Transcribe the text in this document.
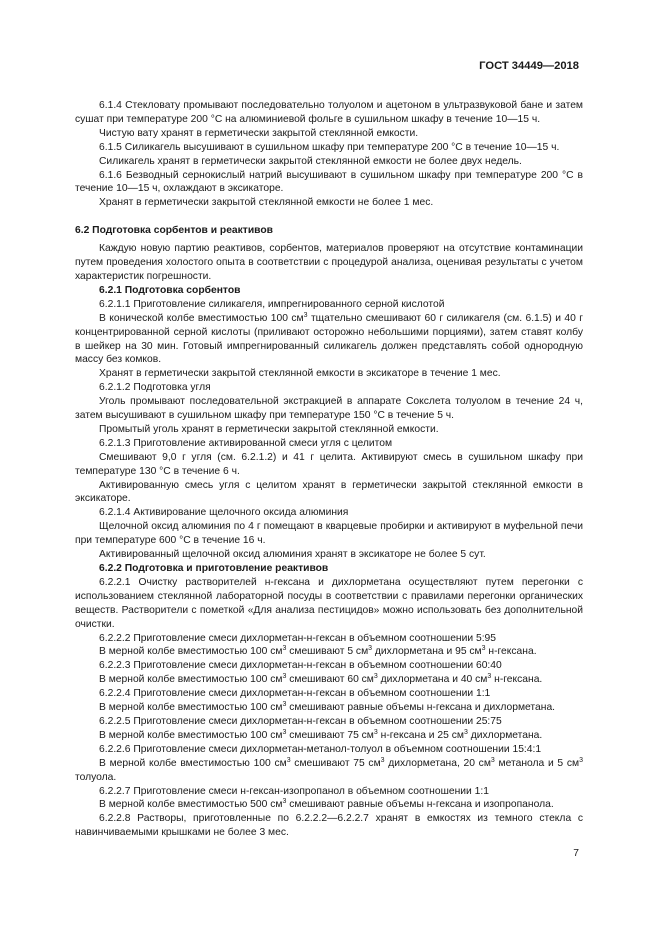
ГОСТ 34449—2018

6.1.4 Стекловату промывают последовательно толуолом и ацетоном в ультразвуковой бане и затем сушат при температуре 200 °С на алюминиевой фольге в сушильном шкафу в течение 10—15 ч.

Чистую вату хранят в герметически закрытой стеклянной емкости.

6.1.5 Силикагель высушивают в сушильном шкафу при температуре 200 °С в течение 10—15 ч.

Силикагель хранят в герметически закрытой стеклянной емкости не более двух недель.

6.1.6 Безводный сернокислый натрий высушивают в сушильном шкафу при температуре 200 °С в течение 10—15 ч, охлаждают в эксикаторе.

Хранят в герметически закрытой стеклянной емкости не более 1 мес.

6.2 Подготовка сорбентов и реактивов

Каждую новую партию реактивов, сорбентов, материалов проверяют на отсутствие контаминации путем проведения холостого опыта в соответствии с процедурой анализа, оценивая результаты с учетом характеристик погрешности.

6.2.1 Подготовка сорбентов

6.2.1.1 Приготовление силикагеля, импрегнированного серной кислотой

В конической колбе вместимостью 100 $см^3$ тщательно смешивают 60 г силикагеля (см. 6.1.5) и 40 г концентрированной серной кислоты (приливают осторожно небольшими порциями), затем ставят колбу в шейкер на 30 мин. Готовый импрегнированный силикагель должен представлять собой однородную массу без комков.

Хранят в герметически закрытой стеклянной емкости в эксикаторе в течение 1 мес.

6.2.1.2 Подготовка угля

Уголь промывают последовательной экстракцией в аппарате Сокслета толуолом в течение 24 ч, затем высушивают в сушильном шкафу при температуре 150 °С в течение 5 ч.

Промытый уголь хранят в герметически закрытой стеклянной емкости.

6.2.1.3 Приготовление активированной смеси угля с целитом

Смешивают 9,0 г угля (см. 6.2.1.2) и 41 г целита. Активируют смесь в сушильном шкафу при температуре 130 °С в течение 6 ч.

Активированную смесь угля с целитом хранят в герметически закрытой стеклянной емкости в эксикаторе.

6.2.1.4 Активирование щелочного оксида алюминия

Щелочной оксид алюминия по 4 г помещают в кварцевые пробирки и активируют в муфельной печи при температуре 600 °С в течение 16 ч.

Активированный щелочной оксид алюминия хранят в эксикаторе не более 5 сут.

6.2.2 Подготовка и приготовление реактивов

6.2.2.1 Очистку растворителей н-гексана и дихлорметана осуществляют путем перегонки с использованием стеклянной лабораторной посуды в соответствии с правилами перегонки органических веществ. Растворители с пометкой «Для анализа пестицидов» можно использовать без дополнительной очистки.

6.2.2.2 Приготовление смеси дихлорметан-н-гексан в объемном соотношении 5:95

В мерной колбе вместимостью 100 $см^3$ смешивают 5 $см^3$ дихлорметана и 95 $см^3$ н-гексана.

6.2.2.3 Приготовление смеси дихлорметан-н-гексан в объемном соотношении 60:40

В мерной колбе вместимостью 100 $см^3$ смешивают 60 $см^3$ дихлорметана и 40 $см^3$ н-гексана.

6.2.2.4 Приготовление смеси дихлорметан-н-гексан в объемном соотношении 1:1

В мерной колбе вместимостью 100 $см^3$ смешивают равные объемы н-гексана и дихлорметана.

6.2.2.5 Приготовление смеси дихлорметан-н-гексан в объемном соотношении 25:75

В мерной колбе вместимостью 100 $см^3$ смешивают 75 $см^3$ н-гексана и 25 $см^3$ дихлорметана.

6.2.2.6 Приготовление смеси дихлорметан-метанол-толуол в объемном соотношении 15:4:1

В мерной колбе вместимостью 100 $см^3$ смешивают 75 $см^3$ дихлорметана, 20 $см^3$ метанола и 5 $см^3$ толуола.

6.2.2.7 Приготовление смеси н-гексан-изопропанол в объемном соотношении 1:1

В мерной колбе вместимостью 500 $см^3$ смешивают равные объемы н-гексана и изопропанола.

6.2.2.8 Растворы, приготовленные по 6.2.2.2—6.2.2.7 хранят в емкостях из темного стекла с навинчиваемыми крышками не более 3 мес.

7
